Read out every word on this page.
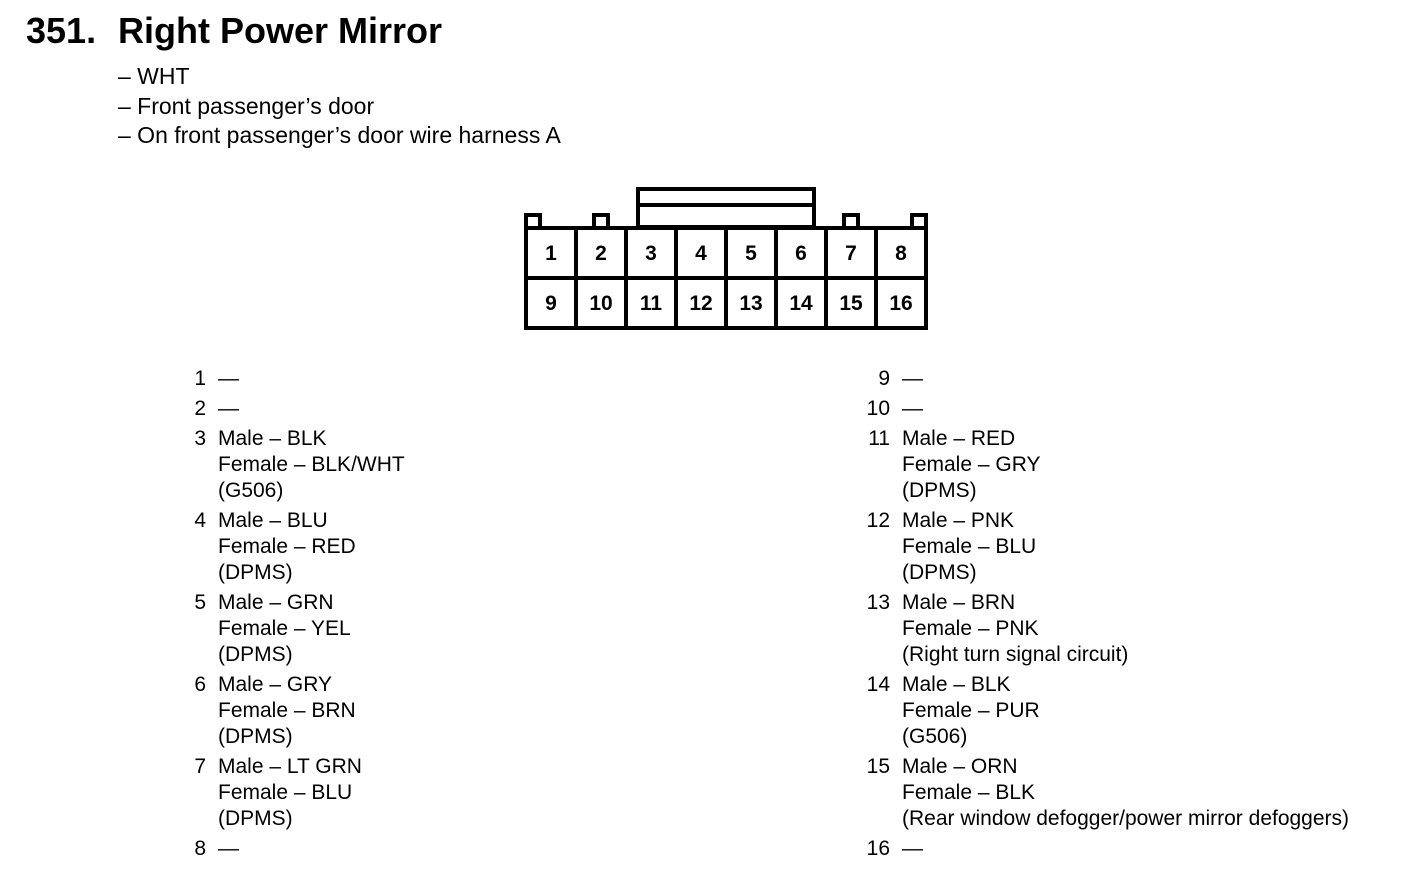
351. Right Power Mirror
– WHT
– Front passenger’s door
– On front passenger’s door wire harness A
1 2 3 4 5 6 7 8
9 10 11 12 13 14 15 16
1 —
2 —
3 Male – BLK
Female – BLK/WHT
(G506)
4 Male – BLU
Female – RED
(DPMS)
5 Male – GRN
Female – YEL
(DPMS)
6 Male – GRY
Female – BRN
(DPMS)
7 Male – LT GRN
Female – BLU
(DPMS)
8 —
9 —
10 —
11 Male – RED
Female – GRY
(DPMS)
12 Male – PNK
Female – BLU
(DPMS)
13 Male – BRN
Female – PNK
(Right turn signal circuit)
14 Male – BLK
Female – PUR
(G506)
15 Male – ORN
Female – BLK
(Rear window defogger/power mirror defoggers)
16 —
